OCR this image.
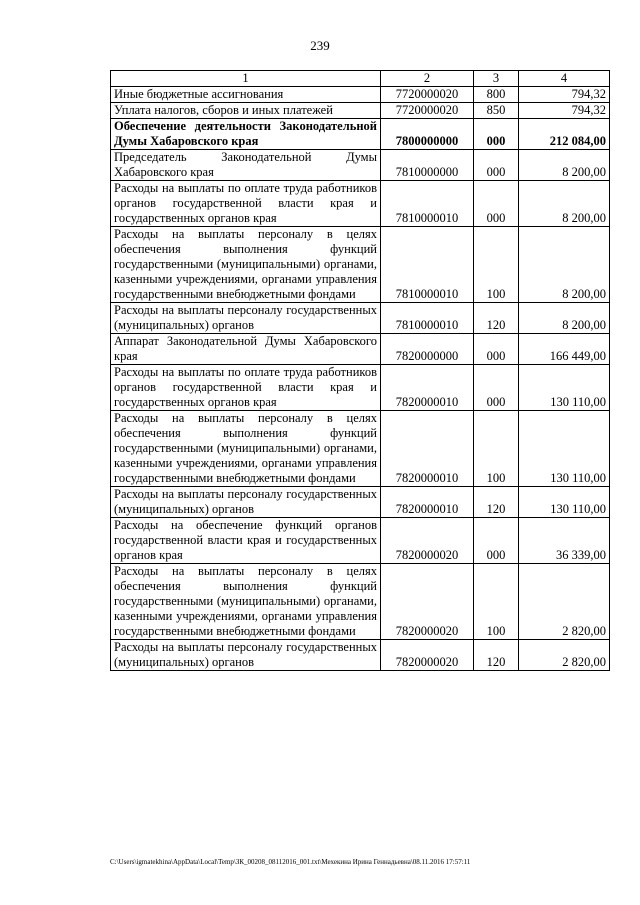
239
1	2	3	4
Иные бюджетные ассигнования	7720000020	800	794,32
Уплата налогов, сборов и иных платежей	7720000020	850	794,32
Обеспечение деятельности Законодательной Думы Хабаровского края	7800000000	000	212 084,00
Председатель Законодательной Думы Хабаровского края	7810000000	000	8 200,00
Расходы на выплаты по оплате труда работников органов государственной власти края и государственных органов края	7810000010	000	8 200,00
Расходы на выплаты персоналу в целях обеспечения выполнения функций государственными (муниципальными) органами, казенными учреждениями, органами управления государственными внебюджетными фондами	7810000010	100	8 200,00
Расходы на выплаты персоналу государственных (муниципальных) органов	7810000010	120	8 200,00
Аппарат Законодательной Думы Хабаровского края	7820000000	000	166 449,00
Расходы на выплаты по оплате труда работников органов государственной власти края и государственных органов края	7820000010	000	130 110,00
Расходы на выплаты персоналу в целях обеспечения выполнения функций государственными (муниципальными) органами, казенными учреждениями, органами управления государственными внебюджетными фондами	7820000010	100	130 110,00
Расходы на выплаты персоналу государственных (муниципальных) органов	7820000010	120	130 110,00
Расходы на обеспечение функций органов государственной власти края и государственных органов края	7820000020	000	36 339,00
Расходы на выплаты персоналу в целях обеспечения выполнения функций государственными (муниципальными) органами, казенными учреждениями, органами управления государственными внебюджетными фондами	7820000020	100	2 820,00
Расходы на выплаты персоналу государственных (муниципальных) органов	7820000020	120	2 820,00
C:\Users\igmatekhina\AppData\Local\Temp\ЗК_00208_08112016_001.txt\Мехекина Ирина Геннадьевна\08.11.2016 17:57:11
